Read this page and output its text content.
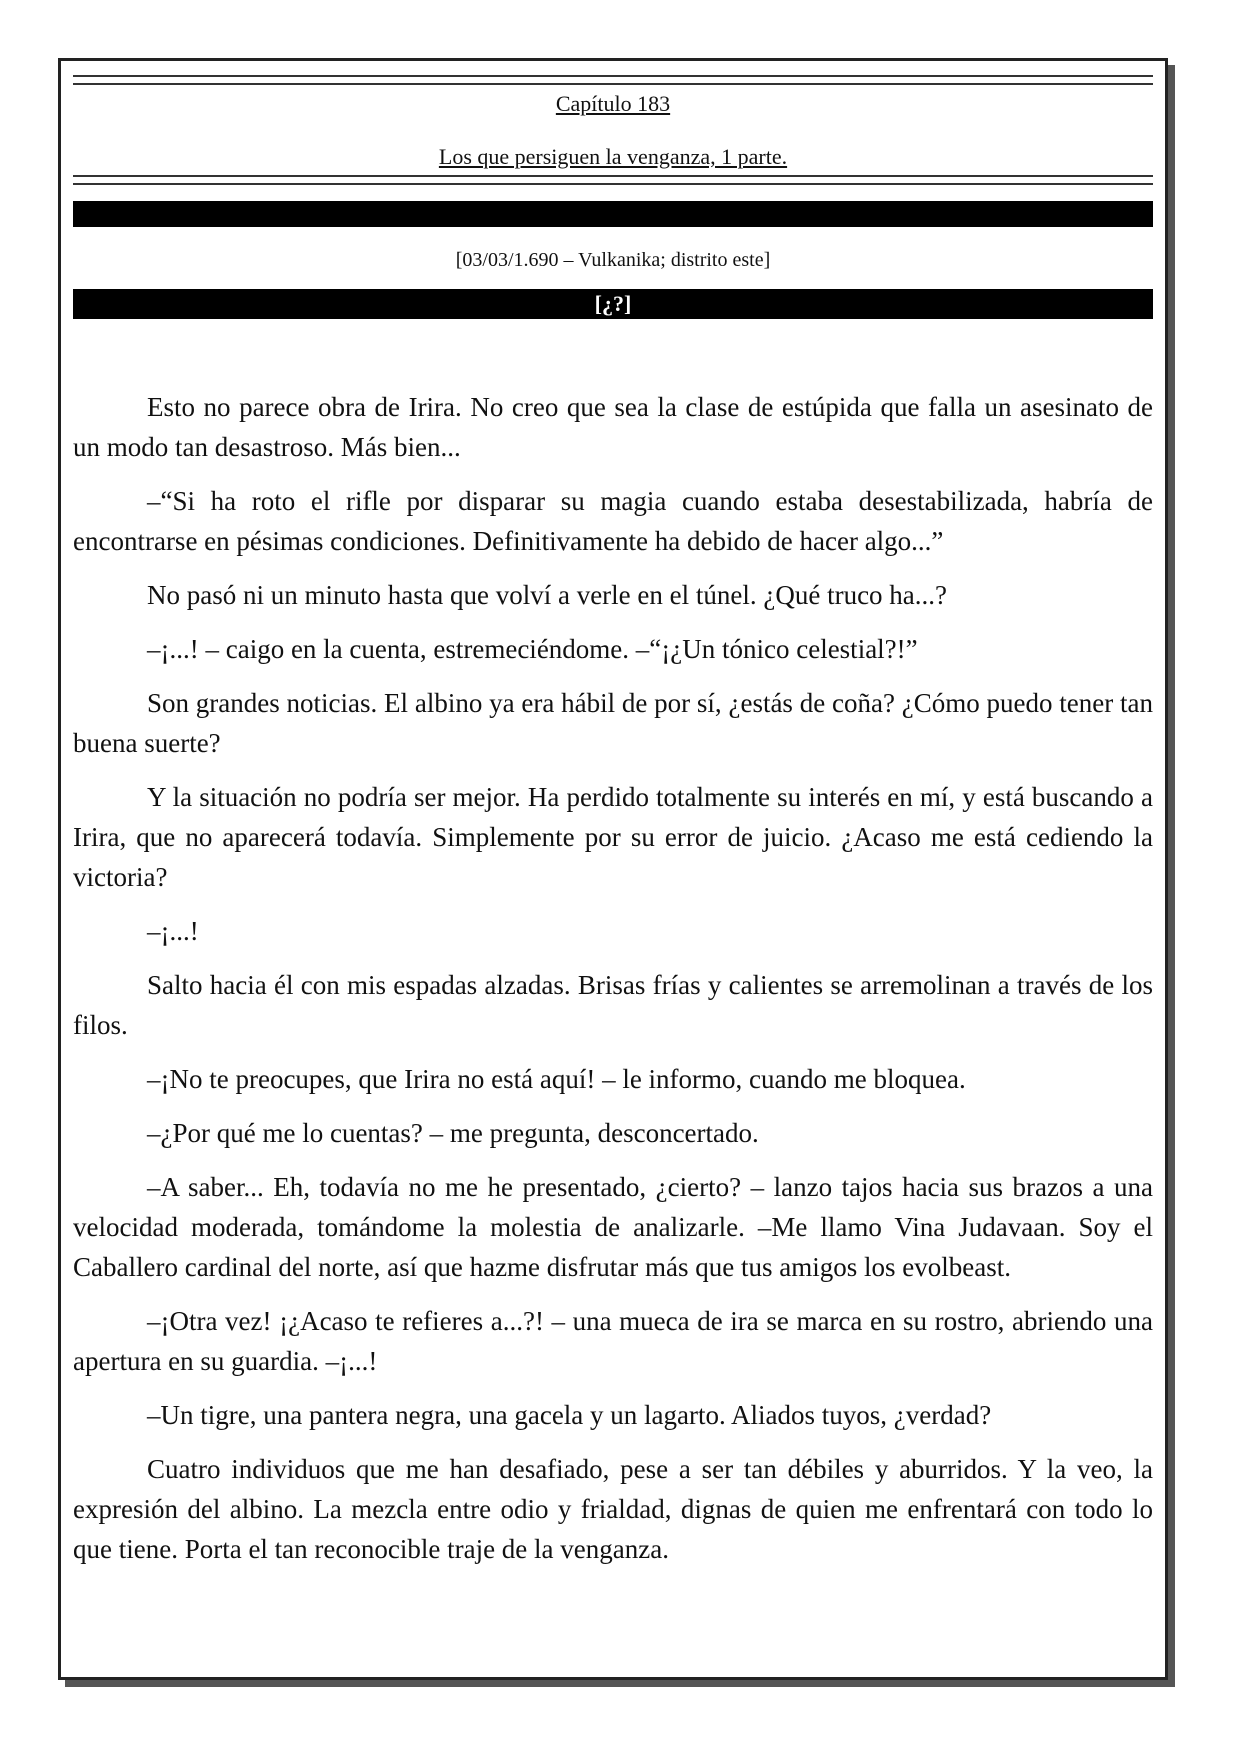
Capítulo 183
Los que persiguen la venganza, 1 parte.
[03/03/1.690 – Vulkanika; distrito este]
[¿?]

Esto no parece obra de Irira. No creo que sea la clase de estúpida que falla un asesinato de un modo tan desastroso. Más bien...

–“Si ha roto el rifle por disparar su magia cuando estaba desestabilizada, habría de encontrarse en pésimas condiciones. Definitivamente ha debido de hacer algo...”

No pasó ni un minuto hasta que volví a verle en el túnel. ¿Qué truco ha...?

–¡...! – caigo en la cuenta, estremeciéndome. –“¡¿Un tónico celestial?!”

Son grandes noticias. El albino ya era hábil de por sí, ¿estás de coña? ¿Cómo puedo tener tan buena suerte?

Y la situación no podría ser mejor. Ha perdido totalmente su interés en mí, y está buscando a Irira, que no aparecerá todavía. Simplemente por su error de juicio. ¿Acaso me está cediendo la victoria?

–¡...!

Salto hacia él con mis espadas alzadas. Brisas frías y calientes se arremolinan a través de los filos.

–¡No te preocupes, que Irira no está aquí! – le informo, cuando me bloquea.

–¿Por qué me lo cuentas? – me pregunta, desconcertado.

–A saber... Eh, todavía no me he presentado, ¿cierto? – lanzo tajos hacia sus brazos a una velocidad moderada, tomándome la molestia de analizarle. –Me llamo Vina Judavaan. Soy el Caballero cardinal del norte, así que hazme disfrutar más que tus amigos los evolbeast.

–¡Otra vez! ¡¿Acaso te refieres a...?! – una mueca de ira se marca en su rostro, abriendo una apertura en su guardia. –¡...!

–Un tigre, una pantera negra, una gacela y un lagarto. Aliados tuyos, ¿verdad?

Cuatro individuos que me han desafiado, pese a ser tan débiles y aburridos. Y la veo, la expresión del albino. La mezcla entre odio y frialdad, dignas de quien me enfrentará con todo lo que tiene. Porta el tan reconocible traje de la venganza.
